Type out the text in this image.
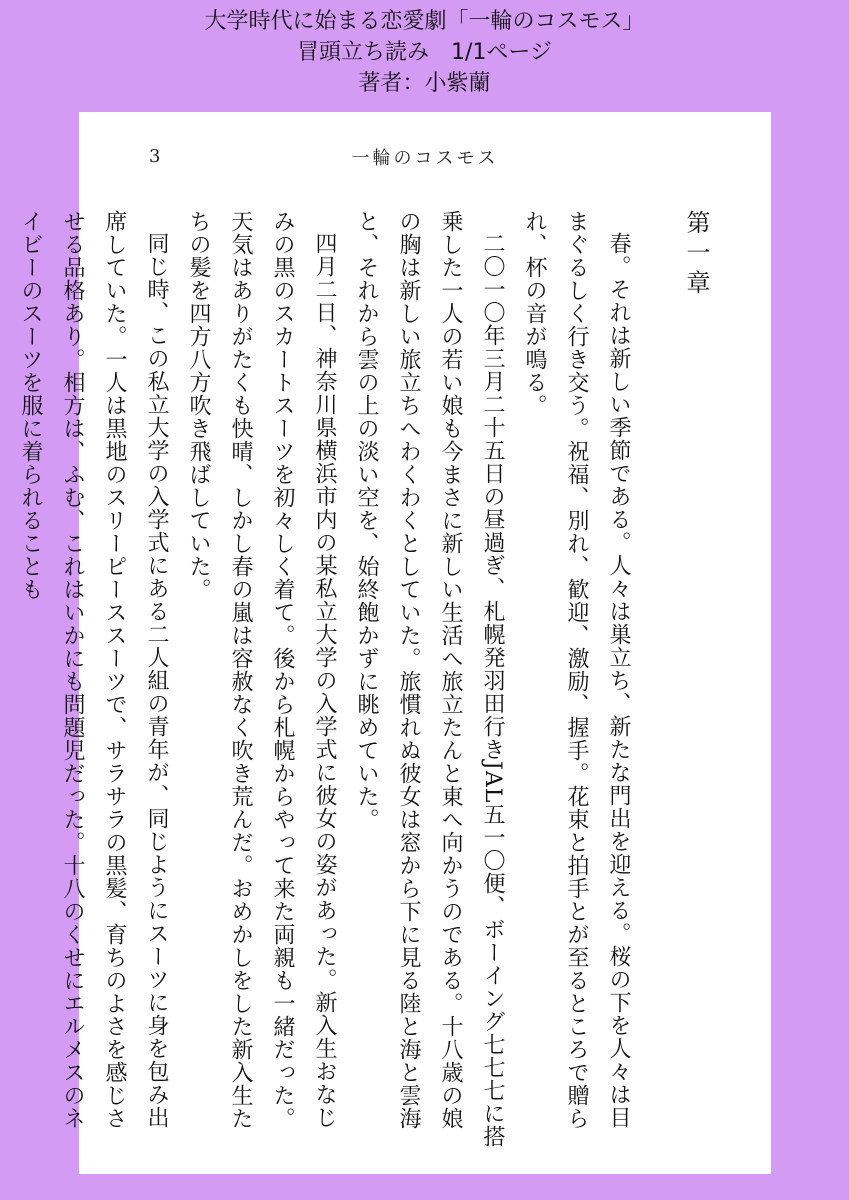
大学時代に始まる恋愛劇「一輪のコスモス」
冒頭立ち読み　1/1ページ
著者：小紫蘭
3	一輪のコスモス
第一章

春。それは新しい季節である。人々は巣立ち、新たな門出を迎える。桜の下を人々は目まぐるしく行き交う。祝福、別れ、歓迎、激励、握手。花束と拍手とが至るところで贈られ、杯の音が鳴る。

二〇一〇年三月二十五日の昼過ぎ、札幌発羽田行きJAL五一〇便、ボーイング七七七に搭乗した一人の若い娘も今まさに新しい生活へ旅立たんと東へ向かうのである。十八歳の娘の胸は新しい旅立ちへわくわくとしていた。旅慣れぬ彼女は窓から下に見る陸と海と雲海と、それから雲の上の淡い空を、始終飽かずに眺めていた。

四月二日、神奈川県横浜市内の某私立大学の入学式に彼女の姿があった。新入生おなじみの黒のスカートスーツを初々しく着て。後から札幌からやって来た両親も一緒だった。天気はありがたくも快晴、しかし春の嵐は容赦なく吹き荒んだ。おめかしをした新入生たちの髪を四方八方吹き飛ばしていた。

同じ時、この私立大学の入学式にある二人組の青年が、同じようにスーツに身を包み出席していた。一人は黒地のスリーピーススーツで、サラサラの黒髪、育ちのよさを感じさせる品格あり。相方は、ふむ、これはいかにも問題児だった。十八のくせにエルメスのネイビーのスーツを服に着られることも
